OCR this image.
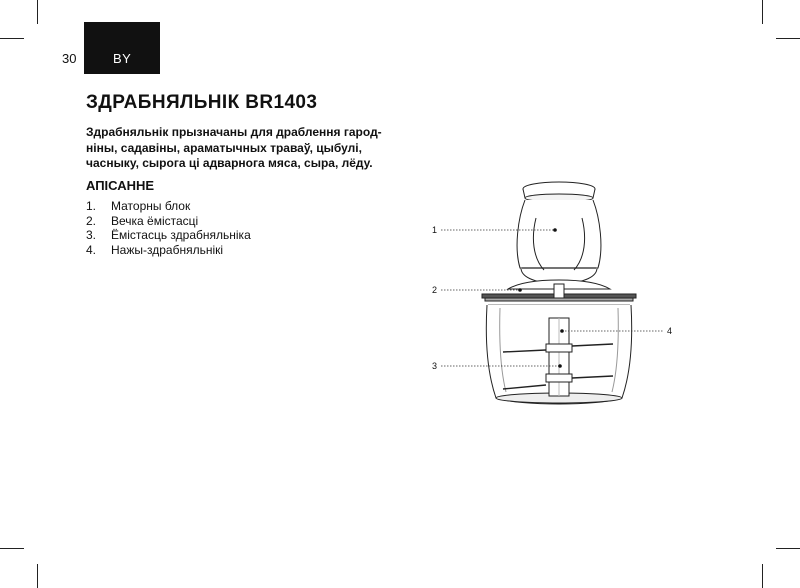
30	BY
ЗДРАБНЯЛЬНІК BR1403

Здрабняльнік прызначаны для драблення гарод-
ніны, садавіны, араматычных траваў, цыбулі,
часныку, сырога ці адварнога мяса, сыра, лёду.

АПІСАННЕ
1. Маторны блок
2. Вечка ёмістасці
3. Ёмістасць здрабняльніка
4. Нажы-здрабняльнікі
1
2
3
4
